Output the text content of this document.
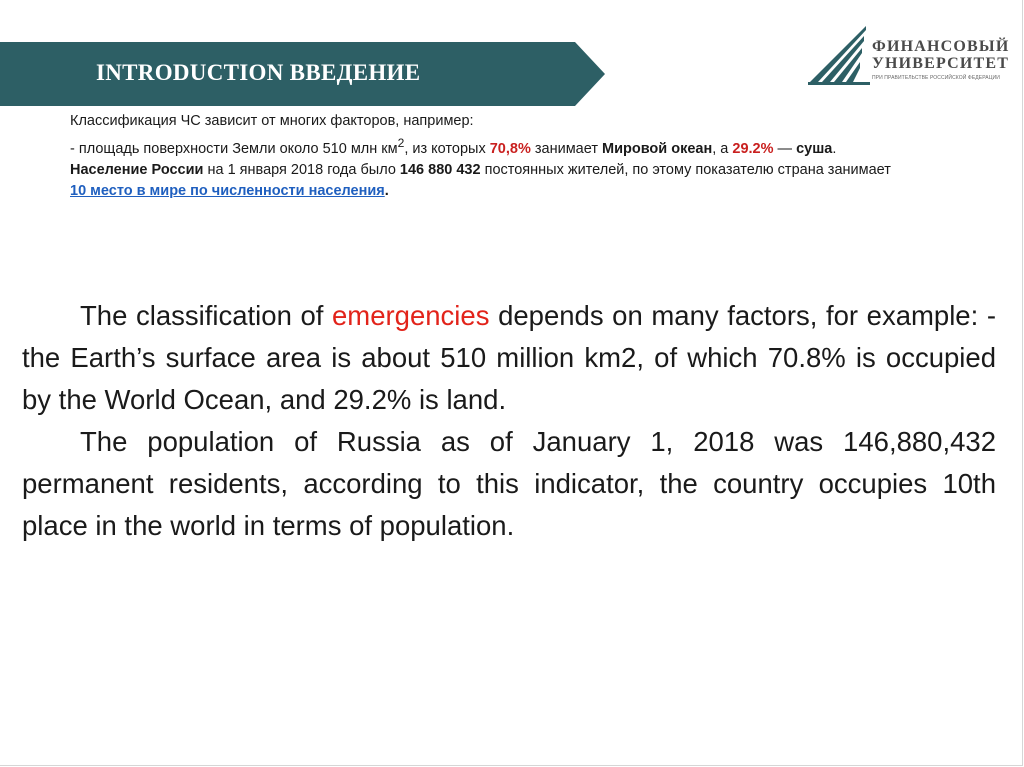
INTRODUCTION ВВЕДЕНИЕ
ФИНАНСОВЫЙ
УНИВЕРСИТЕТ
ПРИ ПРАВИТЕЛЬСТВЕ РОССИЙСКОЙ ФЕДЕРАЦИИ

Классификация ЧС зависит от многих факторов, например:

- площадь поверхности Земли около 510 млн $км^2$, из которых 70,8% занимает Мировой океан, а 29.2% — суша.

Население России на 1 января 2018 года было 146 880 432 постоянных жителей, по этому показателю страна занимает

10 место в мире по численности населения.

The classification of emergencies depends on many factors, for example: - the Earth’s surface area is about 510 million km2, of which 70.8% is occupied by the World Ocean, and 29.2% is land.

The population of Russia as of January 1, 2018 was 146,880,432 permanent residents, according to this indicator, the country occupies 10th place in the world in terms of population.
